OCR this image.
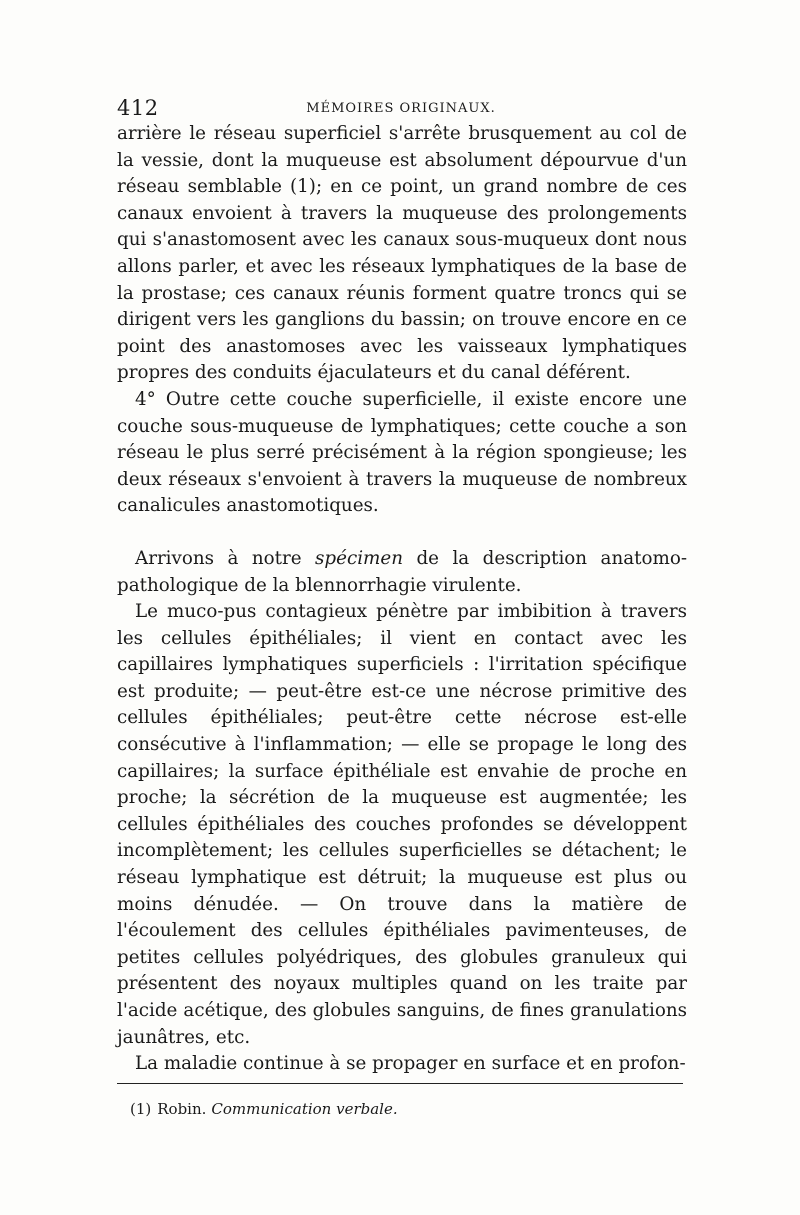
412	MÉMOIRES ORIGINAUX.

arrière le réseau superficiel s'arrête brusquement au col de la vessie, dont la muqueuse est absolument dépourvue d'un réseau semblable (1); en ce point, un grand nombre de ces canaux envoient à travers la muqueuse des prolongements qui s'anastomosent avec les canaux sous-muqueux dont nous allons parler, et avec les réseaux lymphatiques de la base de la prostase; ces canaux réunis forment quatre troncs qui se dirigent vers les ganglions du bassin; on trouve encore en ce point des anastomoses avec les vaisseaux lymphatiques propres des conduits éjaculateurs et du canal déférent.

4° Outre cette couche superficielle, il existe encore une couche sous-muqueuse de lymphatiques; cette couche a son réseau le plus serré précisément à la région spongieuse; les deux réseaux s'envoient à travers la muqueuse de nombreux canalicules anastomotiques.

Arrivons à notre spécimen de la description anatomo-pathologique de la blennorrhagie virulente.

Le muco-pus contagieux pénètre par imbibition à travers les cellules épithéliales; il vient en contact avec les capillaires lymphatiques superficiels : l'irritation spécifique est produite; — peut-être est-ce une nécrose primitive des cellules épithéliales; peut-être cette nécrose est-elle consécutive à l'inflammation; — elle se propage le long des capillaires; la surface épithéliale est envahie de proche en proche; la sécrétion de la muqueuse est augmentée; les cellules épithéliales des couches profondes se développent incomplètement; les cellules superficielles se détachent; le réseau lymphatique est détruit; la muqueuse est plus ou moins dénudée. — On trouve dans la matière de l'écoulement des cellules épithéliales pavimenteuses, de petites cellules polyédriques, des globules granuleux qui présentent des noyaux multiples quand on les traite par l'acide acétique, des globules sanguins, de fines granulations jaunâtres, etc.

La maladie continue à se propager en surface et en profon-

(1) Robin. Communication verbale.
